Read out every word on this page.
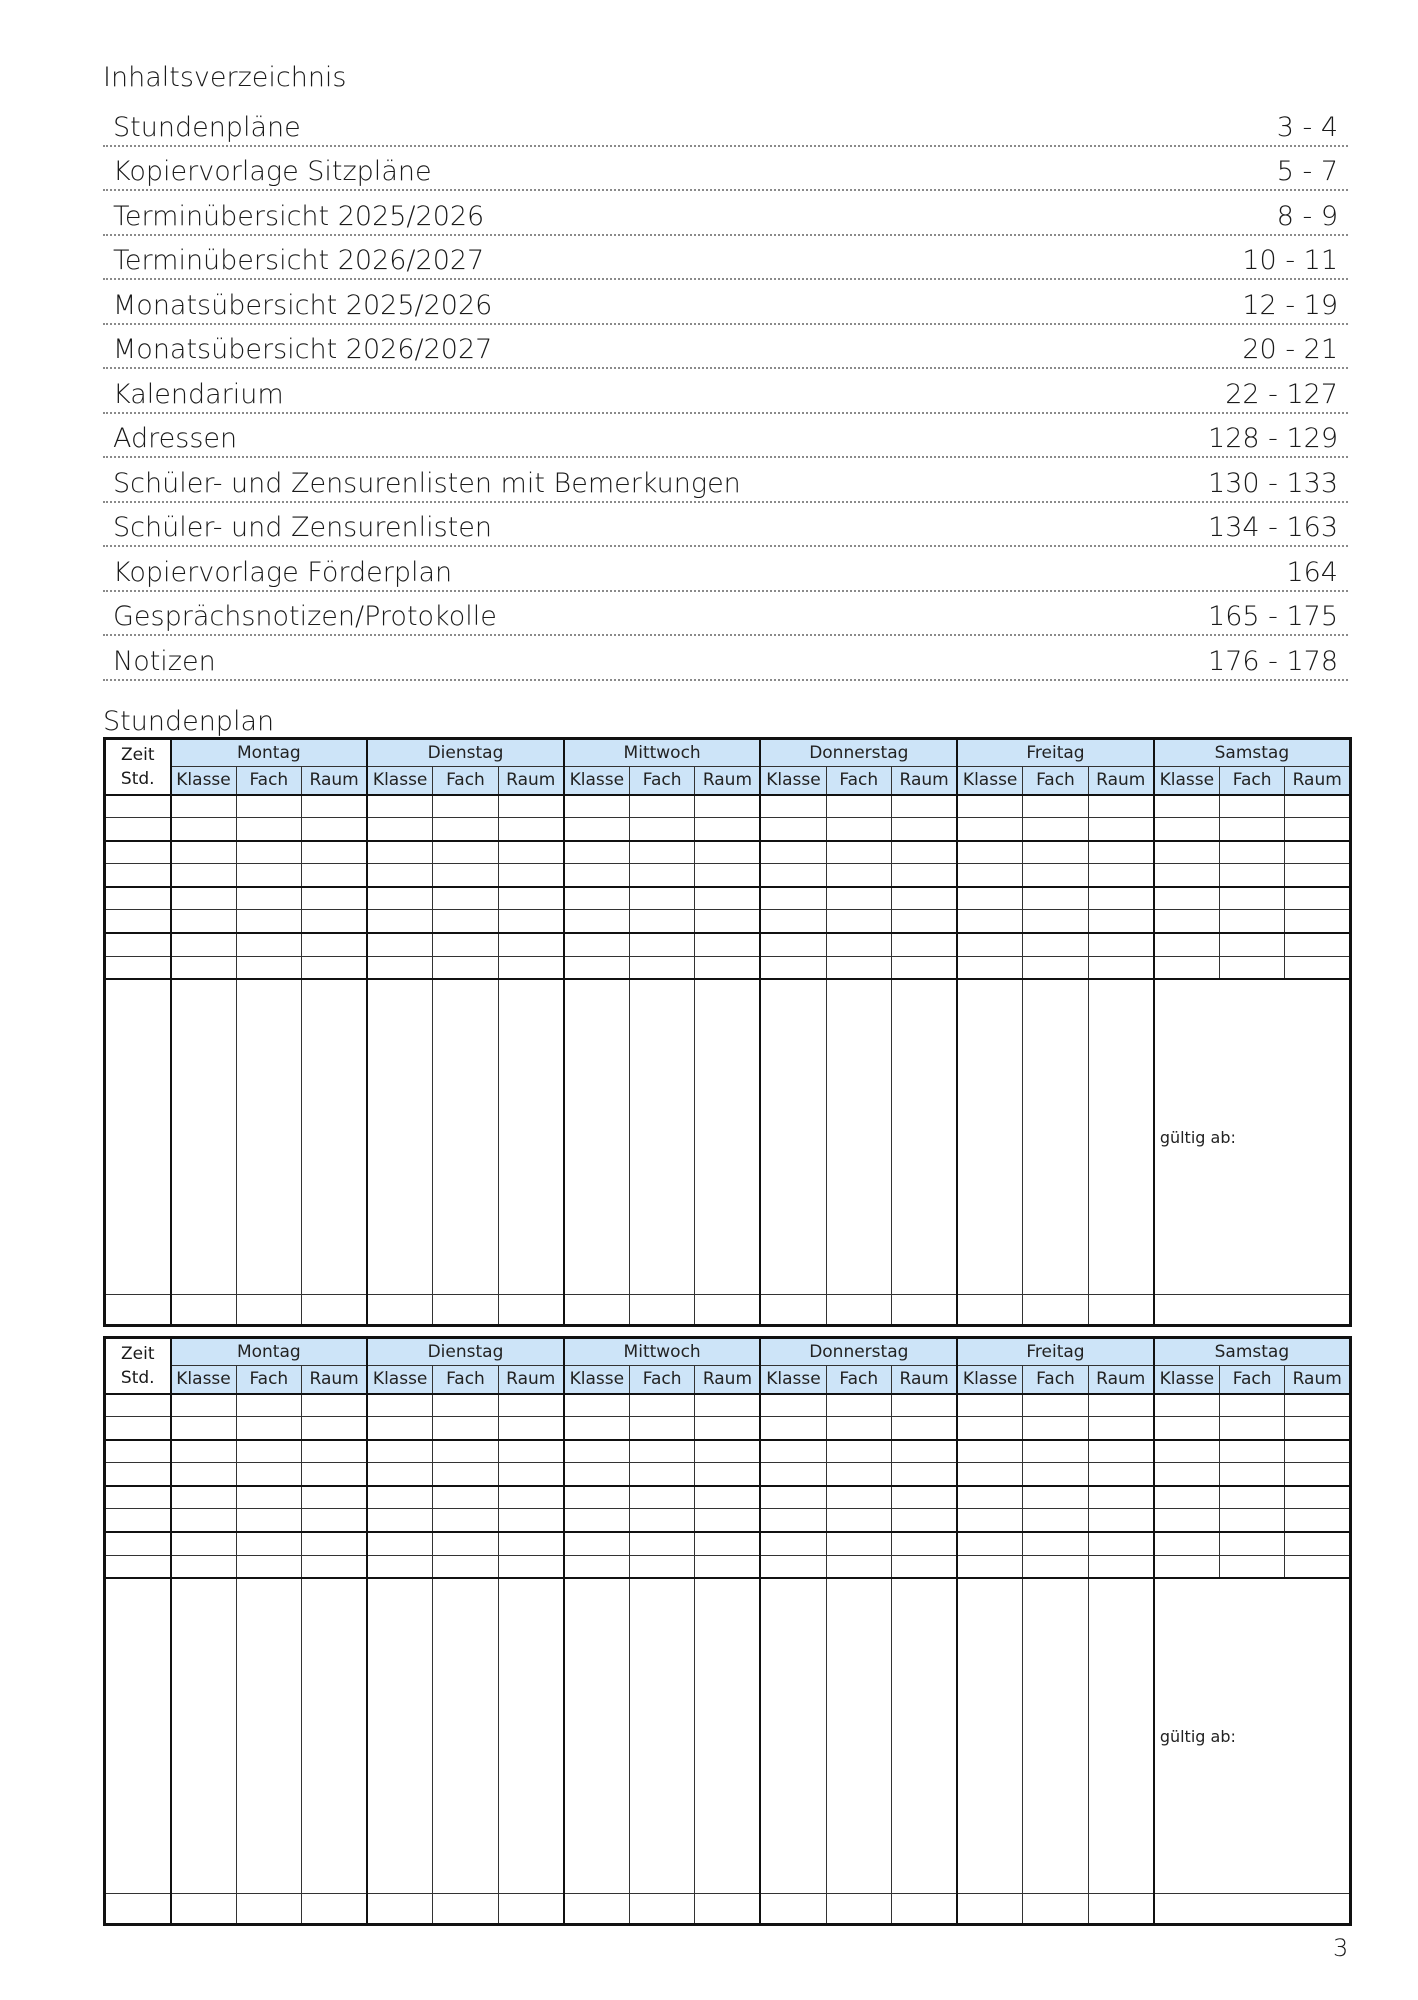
Inhaltsverzeichnis
Stundenpläne	3 - 4
Kopiervorlage Sitzpläne	5 - 7
Terminübersicht 2025/2026	8 - 9
Terminübersicht 2026/2027	10 - 11
Monatsübersicht 2025/2026	12 - 19
Monatsübersicht 2026/2027	20 - 21
Kalendarium	22 - 127
Adressen	128 - 129
Schüler- und Zensurenlisten mit Bemerkungen	130 - 133
Schüler- und Zensurenlisten	134 - 163
Kopiervorlage Förderplan	164
Gesprächsnotizen/Protokolle	165 - 175
Notizen	176 - 178
Stundenplan
Zeit
Std.	Montag			Dienstag			Mittwoch			Donnerstag			Freitag			Samstag		
	Klasse	Fach	Raum	Klasse	Fach	Raum	Klasse	Fach	Raum	Klasse	Fach	Raum	Klasse	Fach	Raum	Klasse	Fach	Raum

																gültig ab:		

Zeit
Std.	Montag			Dienstag			Mittwoch			Donnerstag			Freitag			Samstag		
	Klasse	Fach	Raum	Klasse	Fach	Raum	Klasse	Fach	Raum	Klasse	Fach	Raum	Klasse	Fach	Raum	Klasse	Fach	Raum

																gültig ab:		

3
